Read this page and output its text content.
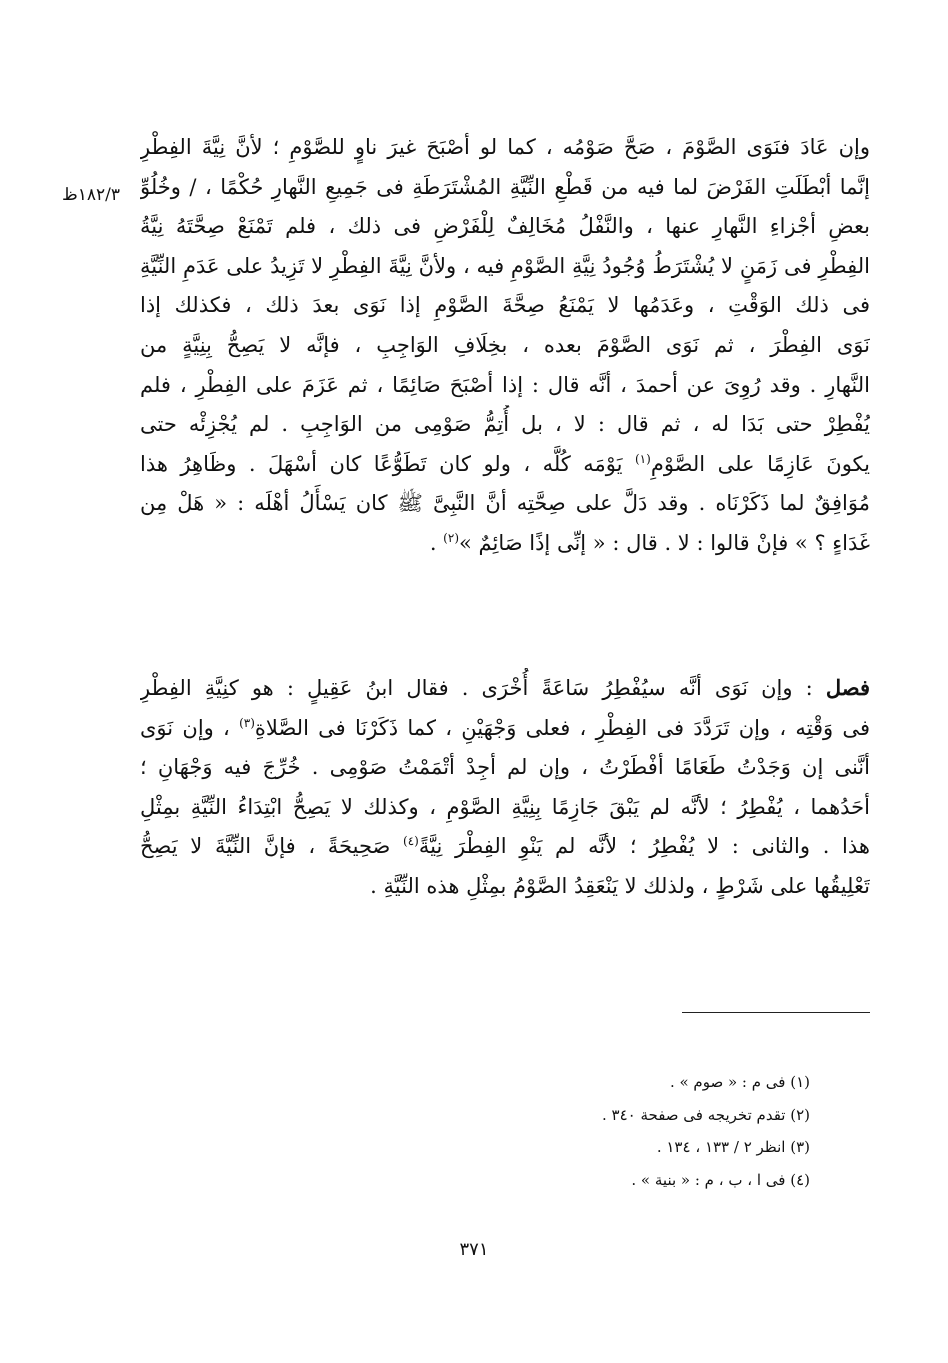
١٨٢/٣ظ
وإن عَادَ فنَوَى الصَّوْمَ ، صَحَّ صَوْمُه ، كما لو أصْبَحَ غيرَ ناوٍ للصَّوْمِ ؛ لأنَّ نِيَّةَ الفِطْرِ
إنَّما أبْطَلَتِ الفَرْضَ لما فيه من قَطْعِ النِّيَّةِ المُشْتَرَطَةِ فى جَمِيعِ النَّهارِ حُكْمًا ، / وخُلُوِّ
بعضِ أجْزاءِ النَّهارِ عنها ، والنَّفْلُ مُخَالِفٌ لِلْفَرْضِ فى ذلك ، فلم تَمْنَعْ صِحَّتَهُ نِيَّةُ
الفِطْرِ فى زَمَنٍ لا يُشْتَرَطُ وُجُودُ نِيَّةِ الصَّوْمِ فيه ، ولأنَّ نِيَّةَ الفِطْرِ لا تَزِيدُ على عَدَمِ النِّيَّةِ
فى ذلك الوَقْتِ ، وعَدَمُها لا يَمْنَعُ صِحَّةَ الصَّوْمِ إذا نَوَى بعدَ ذلك ، فكذلك إذا
نَوَى الفِطْرَ ، ثم نَوَى الصَّوْمَ بعده ، بخِلَافِ الوَاجِبِ ، فإنَّه لا يَصِحُّ بِنِيَّةٍ من
النَّهارِ . وقد رُوِىَ عن أحمدَ ، أنَّه قال : إذا أصْبَحَ صَائِمًا ، ثم عَزَمَ على الفِطْرِ ، فلم
يُفْطِرْ حتى بَدَا له ، ثم قال : لا ، بل أُتِمُّ صَوْمِى من الوَاجِبِ . لم يُجْزِئْه حتى
يكونَ عَازِمًا على الصَّوْمِ$^{(١)}$ يَوْمَه كُلَّه ، ولو كان تَطَوُّعًا كان أسْهَلَ . وظَاهِرُ هذا
مُوَافِقٌ لما ذَكَرْنَاه . وقد دَلَّ على صِحَّتِه أنَّ النَّبِىَّ ﷺ كان يَسْأَلُ أهْلَه : « هَلْ مِن
غَدَاءٍ ؟ » فإنْ قالوا : لا . قال : « إنِّى إذًا صَائِمٌ »$^{(٢)}$ .
فصل : وإن نَوَى أنَّه سيُفْطِرُ سَاعَةً أُخْرَى . فقال ابنُ عَقِيلٍ : هو كنِيَّةِ الفِطْرِ
فى وَقْتِه ، وإن تَرَدَّدَ فى الفِطْرِ ، فعلى وَجْهَيْنِ ، كما ذَكَرْنَا فى الصَّلاةِ$^{(٣)}$ ، وإن نَوَى
أنَّنى إن وَجَدْتُ طَعَامًا أفْطَرْتُ ، وإن لم أجِدْ أتْمَمْتُ صَوْمِى . خُرِّجَ فيه وَجْهَانِ ؛
أحَدُهما ، يُفْطِرُ ؛ لأنَّه لم يَبْقَ جَازِمًا بِنِيَّةِ الصَّوْمِ ، وكذلك لا يَصِحُّ ابْتِدَاءُ النِّيَّةِ بمِثْلِ
هذا . والثانى : لا يُفْطِرُ ؛ لأنَّه لم يَنْوِ الفِطْرَ نِيَّةً$^{(٤)}$ صَحِيحَةً ، فإنَّ النِّيَّةَ لا يَصِحُّ
تَعْلِيقُها على شَرْطٍ ، ولذلك لا يَنْعَقِدُ الصَّوْمُ بمِثْلِ هذه النِّيَّةِ .
(١) فى م : « صوم » .
(٢) تقدم تخريجه فى صفحة ٣٤٠ .
(٣) انظر ٢ / ١٣٣ ، ١٣٤ .
(٤) فى ا ، ب ، م : « بنية » .
٣٧١
